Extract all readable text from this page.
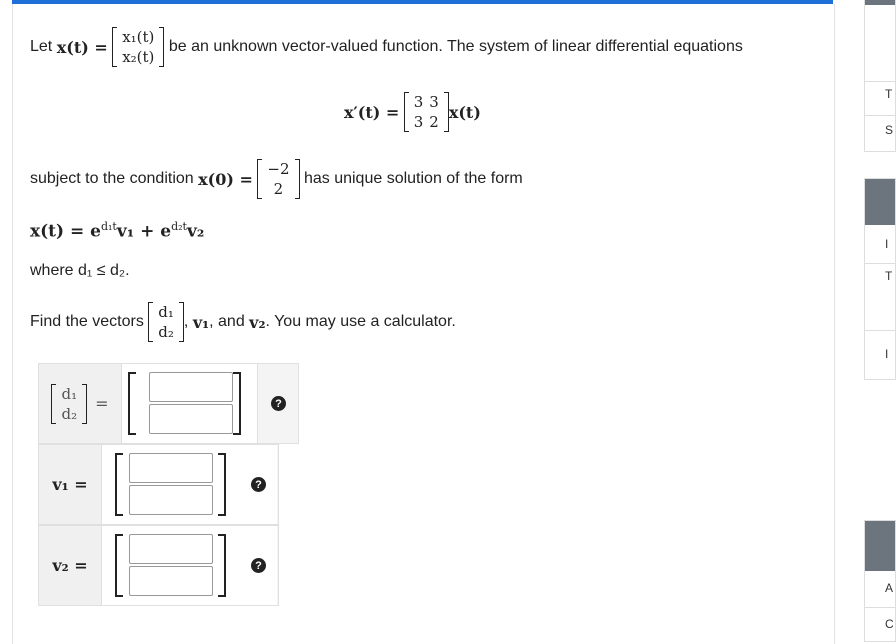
Let
x(t) =

x₁(t)
x₂(t)

be an unknown vector-valued function. The system of linear differential equations
x′(t) =

3	3
3	2
x(t)
subject to the condition
x(0) =

−2
2

has unique solution of the form
$x(t) = e^{d_1t}v_1 + e^{d_2t}v_2$
where d₁ ≤ d₂.
Find the vectors

d₁
d₂
,
v₁ , and
v₂ . You may use a calculator.
d₁
d₂
=	?
v₁ =	?
v₂ =	?
T
S
I
T
I
A
C
